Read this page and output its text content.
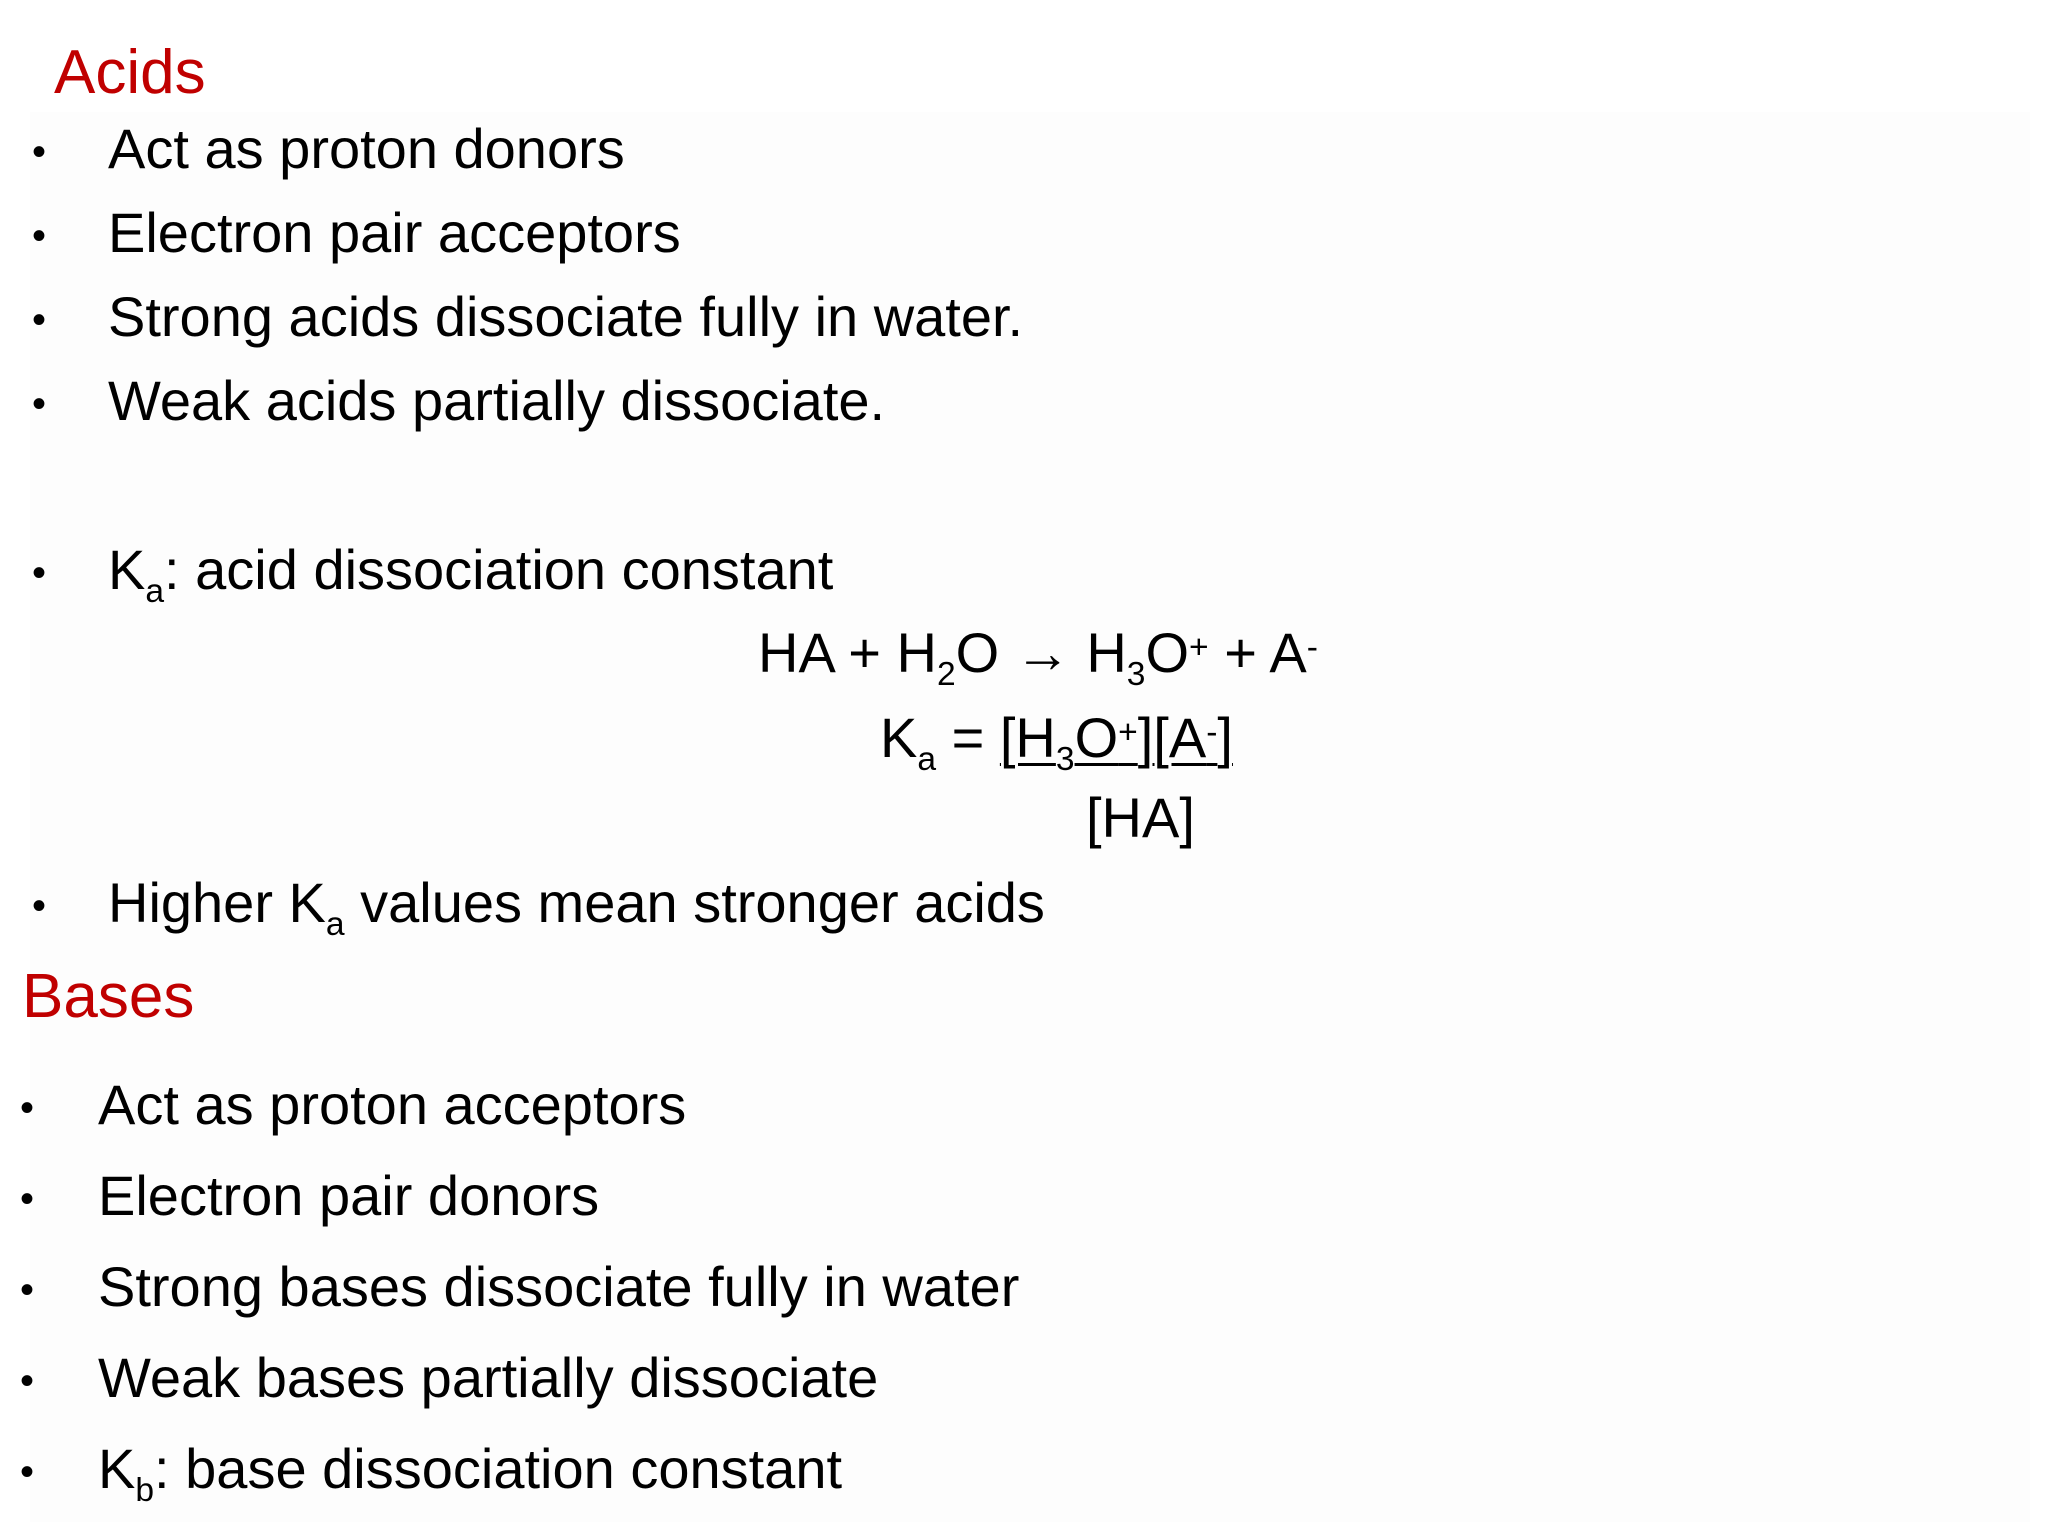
Acids
• Act as proton donors
• Electron pair acceptors
• Strong acids dissociate fully in water.
• Weak acids partially dissociate.
• $K_a$: acid dissociation constant
HA + $H_2O \to H_3O^+ + A^-$
$K_a = [H_3O^+][A^-]$
[HA]
• Higher $K_a$ values mean stronger acids
Bases
• Act as proton acceptors
• Electron pair donors
• Strong bases dissociate fully in water
• Weak bases partially dissociate
• $K_b$: base dissociation constant
